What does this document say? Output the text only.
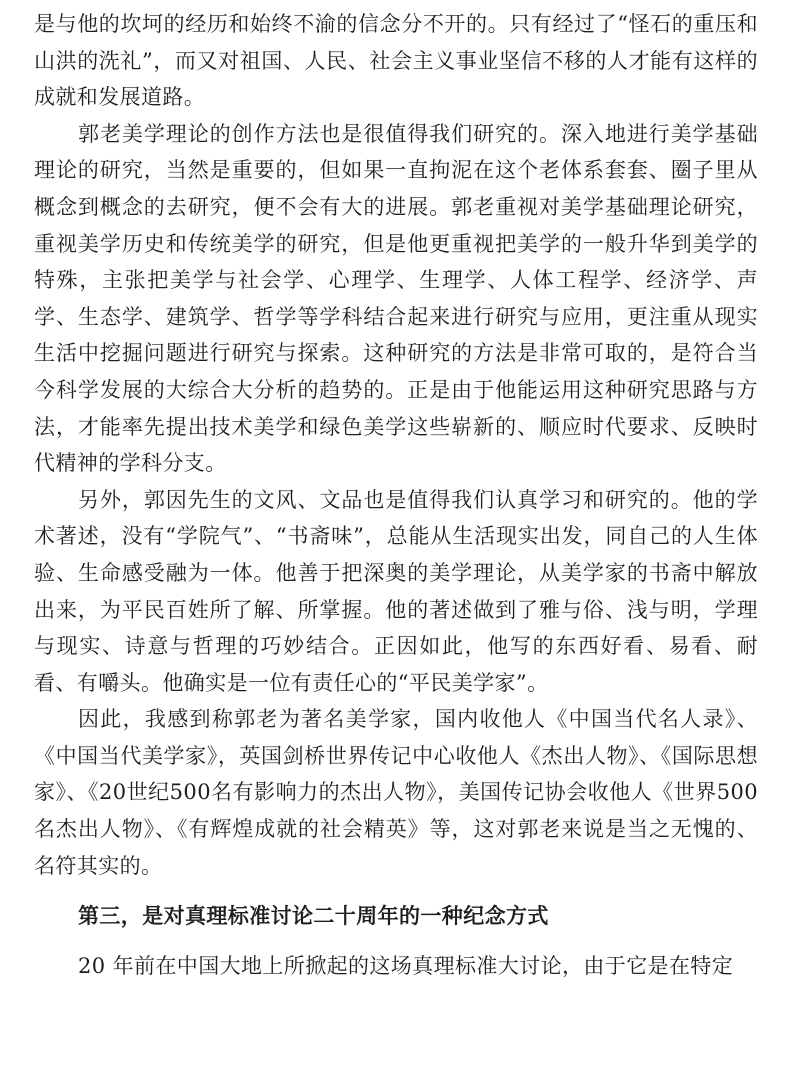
是与他的坎坷的经历和始终不渝的信念分不开的。只有经过了“怪石的重压和山洪的洗礼”，而又对祖国、人民、社会主义事业坚信不移的人才能有这样的成就和发展道路。

郭老美学理论的创作方法也是很值得我们研究的。深入地进行美学基础理论的研究，当然是重要的，但如果一直拘泥在这个老体系套套、圈子里从概念到概念的去研究，便不会有大的进展。郭老重视对美学基础理论研究，重视美学历史和传统美学的研究，但是他更重视把美学的一般升华到美学的特殊，主张把美学与社会学、心理学、生理学、人体工程学、经济学、声学、生态学、建筑学、哲学等学科结合起来进行研究与应用，更注重从现实生活中挖掘问题进行研究与探索。这种研究的方法是非常可取的，是符合当今科学发展的大综合大分析的趋势的。正是由于他能运用这种研究思路与方法，才能率先提出技术美学和绿色美学这些崭新的、顺应时代要求、反映时代精神的学科分支。

另外，郭因先生的文风、文品也是值得我们认真学习和研究的。他的学术著述，没有“学院气”、“书斋味”，总能从生活现实出发，同自己的人生体验、生命感受融为一体。他善于把深奥的美学理论，从美学家的书斋中解放出来，为平民百姓所了解、所掌握。他的著述做到了雅与俗、浅与明，学理与现实、诗意与哲理的巧妙结合。正因如此，他写的东西好看、易看、耐看、有嚼头。他确实是一位有责任心的“平民美学家”。

因此，我感到称郭老为著名美学家，国内收他人《中国当代名人录》、《中国当代美学家》，英国剑桥世界传记中心收他人《杰出人物》、《国际思想家》、《20世纪500名有影响力的杰出人物》，美国传记协会收他人《世界500名杰出人物》、《有辉煌成就的社会精英》等，这对郭老来说是当之无愧的、名符其实的。

第三，是对真理标准讨论二十周年的一种纪念方式

20 年前在中国大地上所掀起的这场真理标准大讨论，由于它是在特定
